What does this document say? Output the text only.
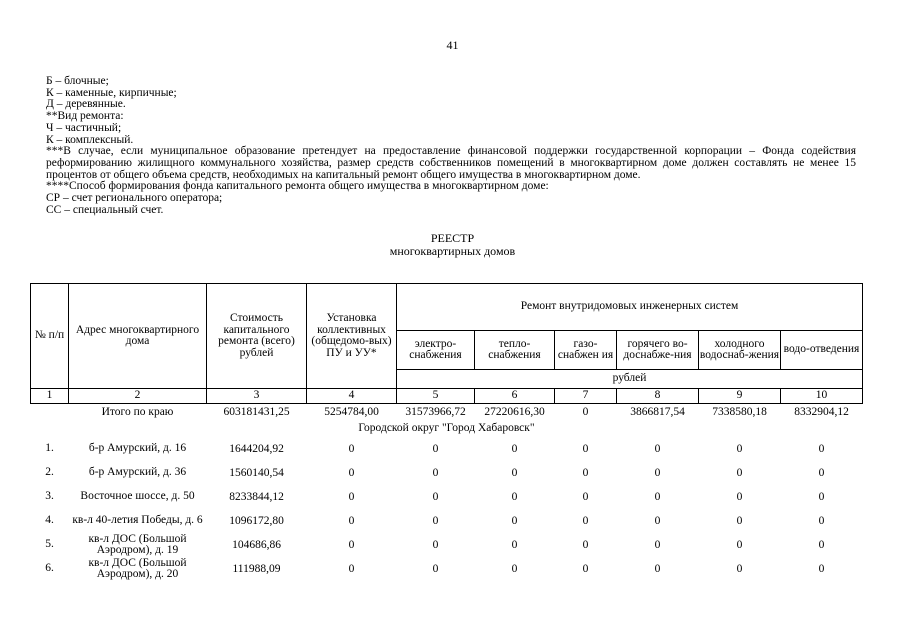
41
Б – блочные;
К – каменные, кирпичные;
Д – деревянные.
**Вид ремонта:
Ч – частичный;
К – комплексный.
***В случае, если муниципальное образование претендует на предоставление финансовой поддержки государственной корпорации – Фонда содействия реформированию жилищного коммунального хозяйства, размер средств собственников помещений в многоквартирном доме должен составлять не менее 15 процентов от общего объема средств, необходимых на капитальный ремонт общего имущества в многоквартирном доме.
****Способ формирования фонда капитального ремонта общего имущества в многоквартирном доме:
СР – счет регионального оператора;
СС – специальный счет.
РЕЕСТР
многоквартирных домов
№ п/п	Адрес многоквартирного дома	Стоимость капитального ремонта (всего) рублей	Установка коллективных (общедомо-вых) ПУ и УУ*	Ремонт внутридомовых инженерных систем					
				электро-снабжения	тепло-снабжения	газо-снабжен ия	горячего во-доснабже-ния	холодного водоснаб-жения	водо-отведения
				рублей					
1	2	3	4	5	6	7	8	9	10
	Итого по краю	603181431,25	5254784,00	31573966,72	27220616,30	0	3866817,54	7338580,18	8332904,12
Городской округ "Город Хабаровск"									
1.	б-р Амурский, д. 16	1644204,92	0	0	0	0	0	0	0
2.	б-р Амурский, д. 36	1560140,54	0	0	0	0	0	0	0
3.	Восточное шоссе, д. 50	8233844,12	0	0	0	0	0	0	0
4.	кв-л 40-летия Победы, д. 6	1096172,80	0	0	0	0	0	0	0
5.	кв-л ДОС (Большой Аэродром), д. 19	104686,86	0	0	0	0	0	0	0
6.	кв-л ДОС (Большой Аэродром), д. 20	111988,09	0	0	0	0	0	0	0
